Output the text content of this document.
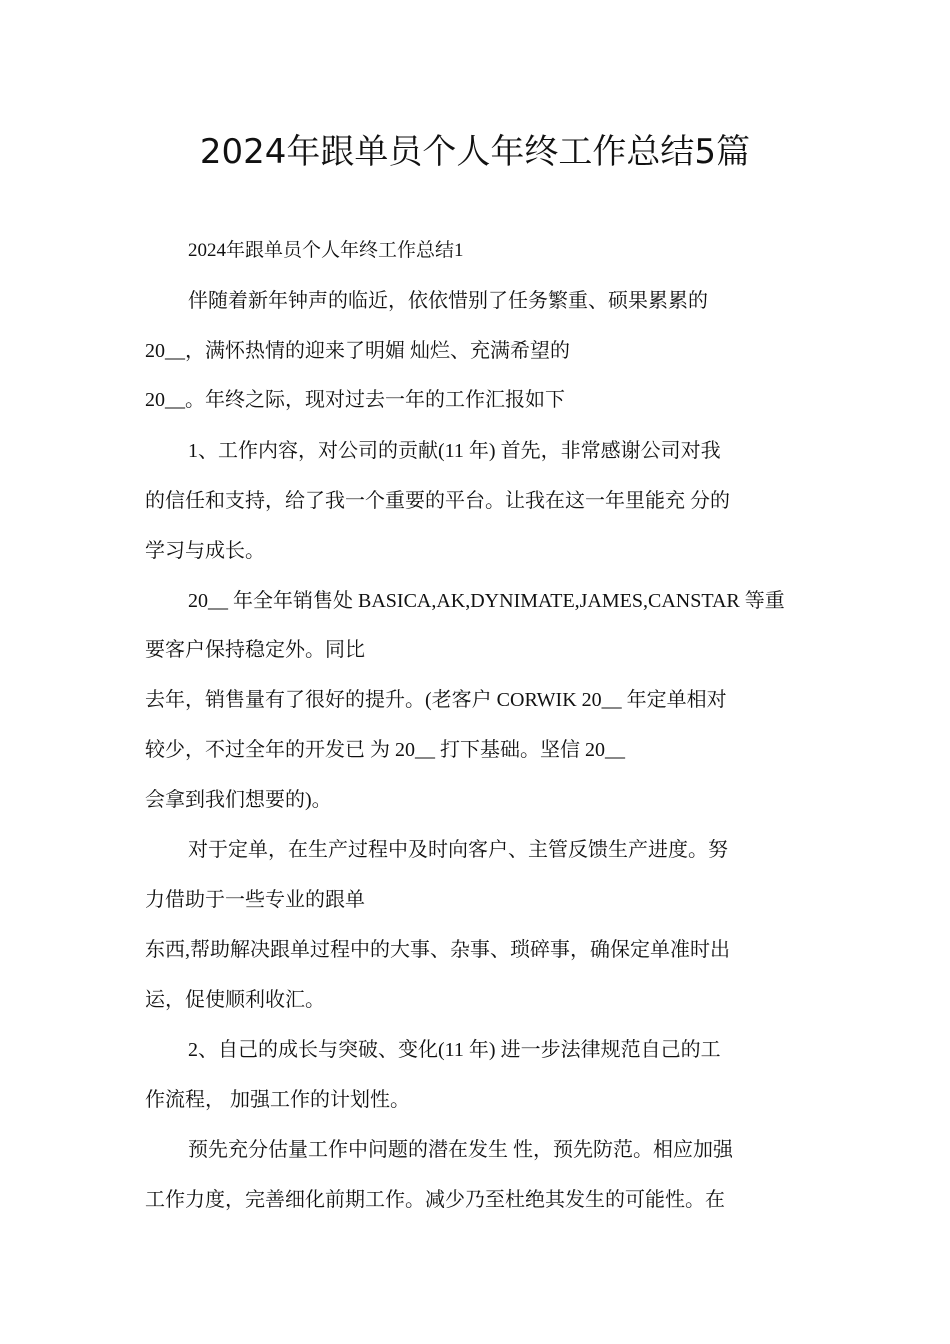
2024年跟单员个人年终工作总结5篇
2024年跟单员个人年终工作总结1
伴随着新年钟声的临近，依依惜别了任务繁重、硕果累累的
20__，满怀热情的迎来了明媚 灿烂、充满希望的
20__。年终之际，现对过去一年的工作汇报如下
1、工作内容，对公司的贡献(11 年) 首先，非常感谢公司对我
的信任和支持，给了我一个重要的平台。让我在这一年里能充 分的
学习与成长。
20__ 年全年销售处 BASICA,AK,DYNIMATE,JAMES,CANSTAR 等重
要客户保持稳定外。同比
去年，销售量有了很好的提升。(老客户 CORWIK 20__ 年定单相对
较少，不过全年的开发已 为 20__ 打下基础。坚信 20__
会拿到我们想要的)。
对于定单，在生产过程中及时向客户、主管反馈生产进度。努
力借助于一些专业的跟单
东西,帮助解决跟单过程中的大事、杂事、琐碎事，确保定单准时出
运，促使顺利收汇。
2、自己的成长与突破、变化(11 年) 进一步法律规范自己的工
作流程， 加强工作的计划性。
预先充分估量工作中问题的潜在发生 性，预先防范。相应加强
工作力度，完善细化前期工作。减少乃至杜绝其发生的可能性。在
